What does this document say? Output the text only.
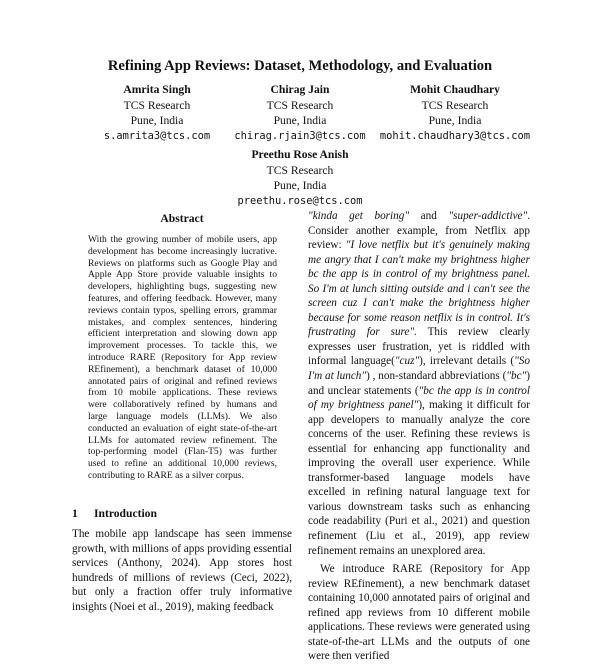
Refining App Reviews: Dataset, Methodology, and Evaluation
Amrita Singh
TCS Research
Pune, India
s.amrita3@tcs.com
Chirag Jain
TCS Research
Pune, India
chirag.rjain3@tcs.com
Mohit Chaudhary
TCS Research
Pune, India
mohit.chaudhary3@tcs.com
Preethu Rose Anish
TCS Research
Pune, India
preethu.rose@tcs.com
Abstract
With the growing number of mobile users, app development has become increasingly lucrative. Reviews on platforms such as Google Play and Apple App Store provide valuable insights to developers, highlighting bugs, suggesting new features, and offering feedback. However, many reviews contain typos, spelling errors, grammar mistakes, and complex sentences, hindering efficient interpretation and slowing down app improvement processes. To tackle this, we introduce RARE (Repository for App review REfinement), a benchmark dataset of 10,000 annotated pairs of original and refined reviews from 10 mobile applications. These reviews were collaboratively refined by humans and large language models (LLMs). We also conducted an evaluation of eight state-of-the-art LLMs for automated review refinement. The top-performing model (Flan-T5) was further used to refine an additional 10,000 reviews, contributing to RARE as a silver corpus.
1 Introduction
The mobile app landscape has seen immense growth, with millions of apps providing essential services (Anthony, 2024). App stores host hundreds of millions of reviews (Ceci, 2022), but only a fraction offer truly informative insights (Noei et al., 2019), making feedback

"kinda get boring" and "super-addictive". Consider another example, from Netflix app review: "I love netflix but it's genuinely making me angry that I can't make my brightness higher bc the app is in control of my brightness panel. So I'm at lunch sitting outside and i can't see the screen cuz I can't make the brightness higher because for some reason netflix is in control. It's frustrating for sure". This review clearly expresses user frustration, yet is riddled with informal language("cuz"), irrelevant details ("So I'm at lunch") , non-standard abbreviations ("bc") and unclear statements ("bc the app is in control of my brightness panel"), making it difficult for app developers to manually analyze the core concerns of the user. Refining these reviews is essential for enhancing app functionality and improving the overall user experience. While transformer-based language models have excelled in refining natural language text for various downstream tasks such as enhancing code readability (Puri et al., 2021) and question refinement (Liu et al., 2019), app review refinement remains an unexplored area.

We introduce RARE (Repository for App review REfinement), a new benchmark dataset containing 10,000 annotated pairs of original and refined app reviews from 10 different mobile applications. These reviews were generated using state-of-the-art LLMs and the outputs of one were then verified
